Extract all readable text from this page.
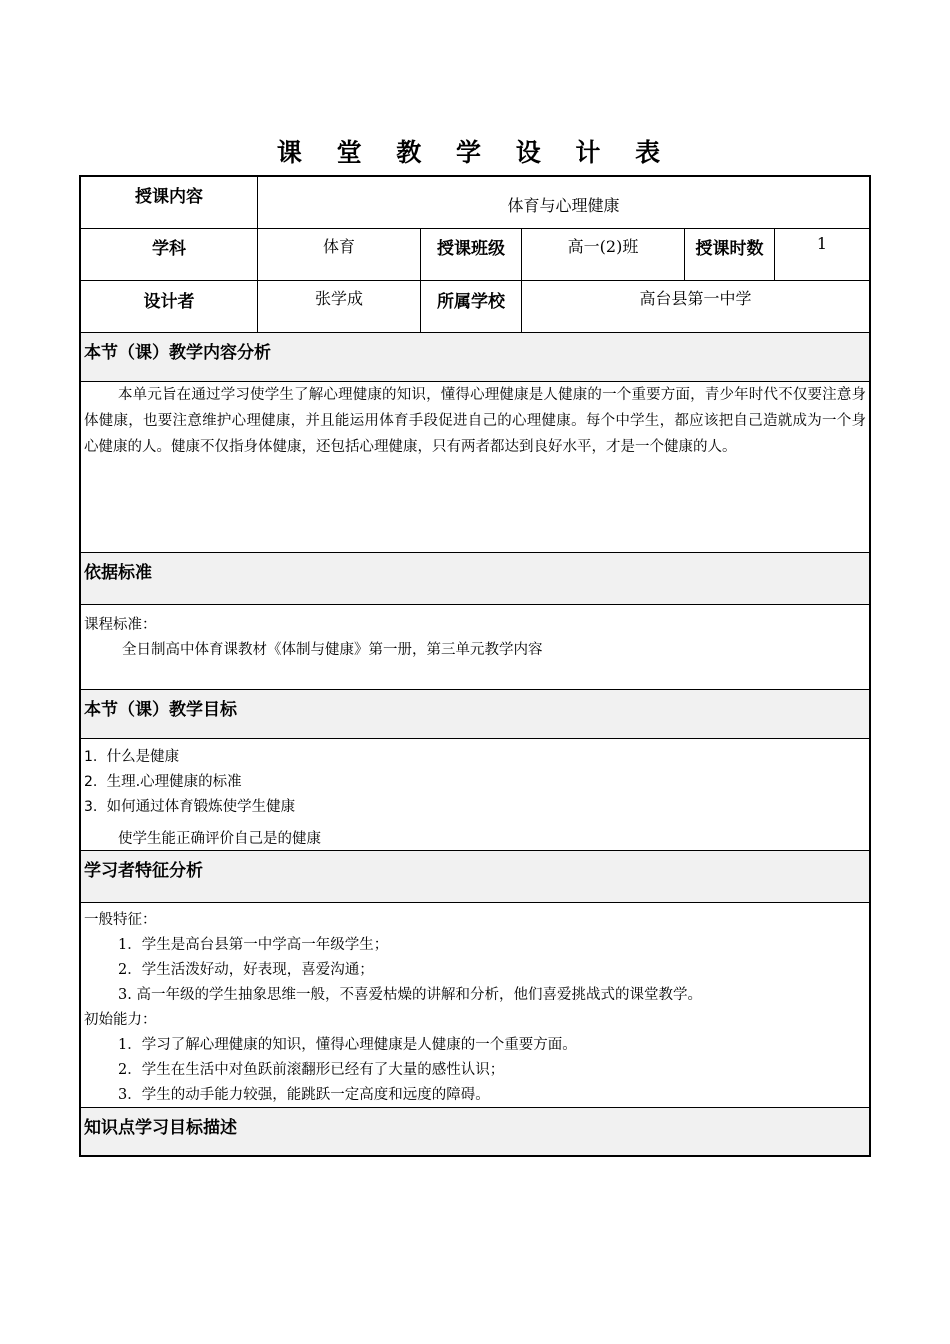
课 堂 教 学 设 计 表
授课内容	体育与心理健康
学科	体育	授课班级	高一(2)班	授课时数	1
设计者	张学成	所属学校	高台县第一中学
本节（课）教学内容分析
本单元旨在通过学习使学生了解心理健康的知识，懂得心理健康是人健康的一个重要方面，青少年时代不仅要注意身体健康，也要注意维护心理健康，并且能运用体育手段促进自己的心理健康。每个中学生，都应该把自己造就成为一个身心健康的人。健康不仅指身体健康，还包括心理健康，只有两者都达到良好水平，才是一个健康的人。
依据标准
课程标准：
全日制高中体育课教材《体制与健康》第一册，第三单元教学内容
本节（课）教学目标
1. 什么是健康
2. 生理.心理健康的标准
3. 如何通过体育锻炼使学生健康
使学生能正确评价自己是的健康
学习者特征分析
一般特征：
1．学生是高台县第一中学高一年级学生；
2．学生活泼好动，好表现，喜爱沟通；
3. 高一年级的学生抽象思维一般，不喜爱枯燥的讲解和分析，他们喜爱挑战式的课堂教学。
初始能力：
1．学习了解心理健康的知识，懂得心理健康是人健康的一个重要方面。
2．学生在生活中对鱼跃前滚翻形已经有了大量的感性认识；
3．学生的动手能力较强，能跳跃一定高度和远度的障碍。
知识点学习目标描述
